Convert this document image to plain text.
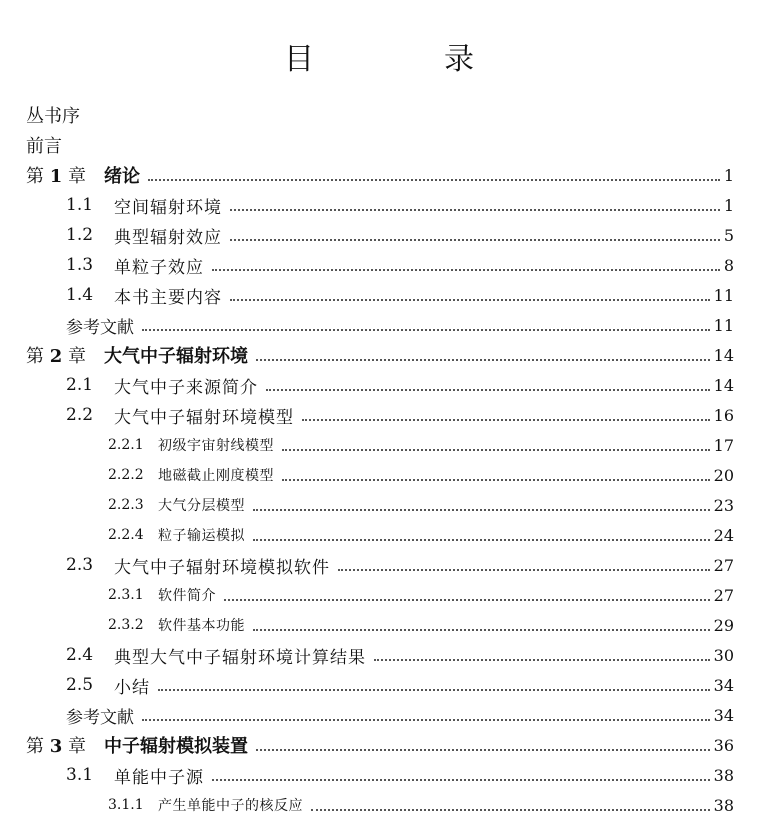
目　录
丛书序
前言
第 1 章 绪论	1
1.1	空间辐射环境	1
1.2	典型辐射效应	5
1.3	单粒子效应	8
1.4	本书主要内容	11
参考文献	11
第 2 章 大气中子辐射环境	14
2.1	大气中子来源简介	14
2.2	大气中子辐射环境模型	16
2.2.1	初级宇宙射线模型	17
2.2.2	地磁截止刚度模型	20
2.2.3	大气分层模型	23
2.2.4	粒子输运模拟	24
2.3	大气中子辐射环境模拟软件	27
2.3.1	软件简介	27
2.3.2	软件基本功能	29
2.4	典型大气中子辐射环境计算结果	30
2.5	小结	34
参考文献	34
第 3 章 中子辐射模拟装置	36
3.1	单能中子源	38
3.1.1	产生单能中子的核反应	38
